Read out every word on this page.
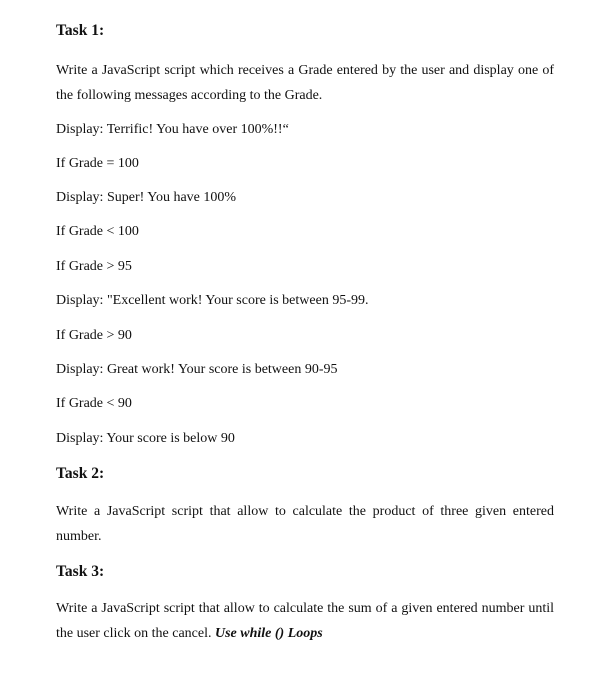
Task 1:
Write a JavaScript script which receives a Grade entered by the user and display one of the following messages according to the Grade.
Display: Terrific! You have over 100%!!“
If Grade = 100
Display: Super! You have 100%
If Grade < 100
If Grade > 95
Display: "Excellent work! Your score is between 95-99.
If Grade > 90
Display: Great work! Your score is between 90-95
If Grade < 90
Display: Your score is below 90
Task 2:
Write a JavaScript script that allow to calculate the product of three given entered number.
Task 3:
Write a JavaScript script that allow to calculate the sum of a given entered number until the user click on the cancel. Use while () Loops
